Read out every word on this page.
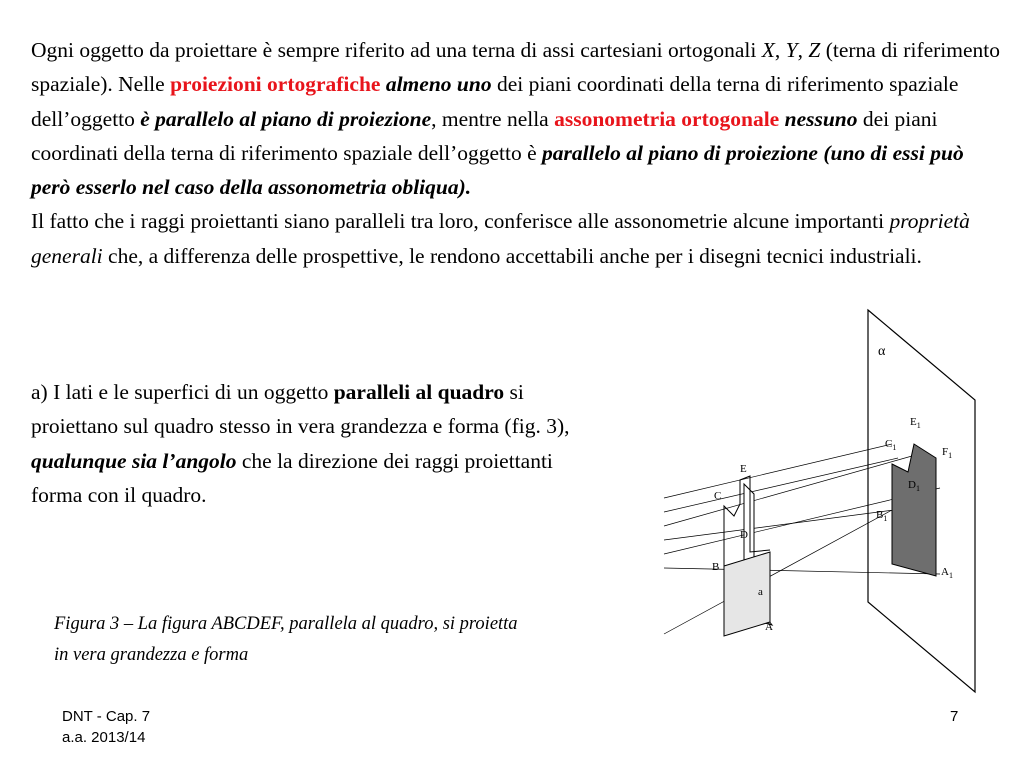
Ogni oggetto da proiettare è sempre riferito ad una terna di assi cartesiani ortogonali X, Y, Z (terna di riferimento spaziale). Nelle proiezioni ortografiche almeno uno dei piani coordinati della terna di riferimento spaziale dell’oggetto è parallelo al piano di proiezione, mentre nella assonometria ortogonale nessuno dei piani coordinati della terna di riferimento spaziale dell’oggetto è parallelo al piano di proiezione (uno di essi può però esserlo nel caso della assonometria obliqua).
Il fatto che i raggi proiettanti siano paralleli tra loro, conferisce alle assonometrie alcune importanti proprietà generali che, a differenza delle prospettive, le rendono accettabili anche per i disegni tecnici industriali.

a) I lati e le superfici di un oggetto paralleli al quadro si proiettano sul quadro stesso in vera grandezza e forma (fig. 3), qualunque sia l’angolo che la direzione dei raggi proiettanti forma con il quadro.

α
C
E
D
B
a
A
$E_1$
$C_1$	$F_1$
$D_1$
$B_1$
$A_1$

Figura 3 – La figura ABCDEF, parallela al quadro, si proietta in vera grandezza e forma

DNT - Cap. 7
a.a. 2013/14
7
